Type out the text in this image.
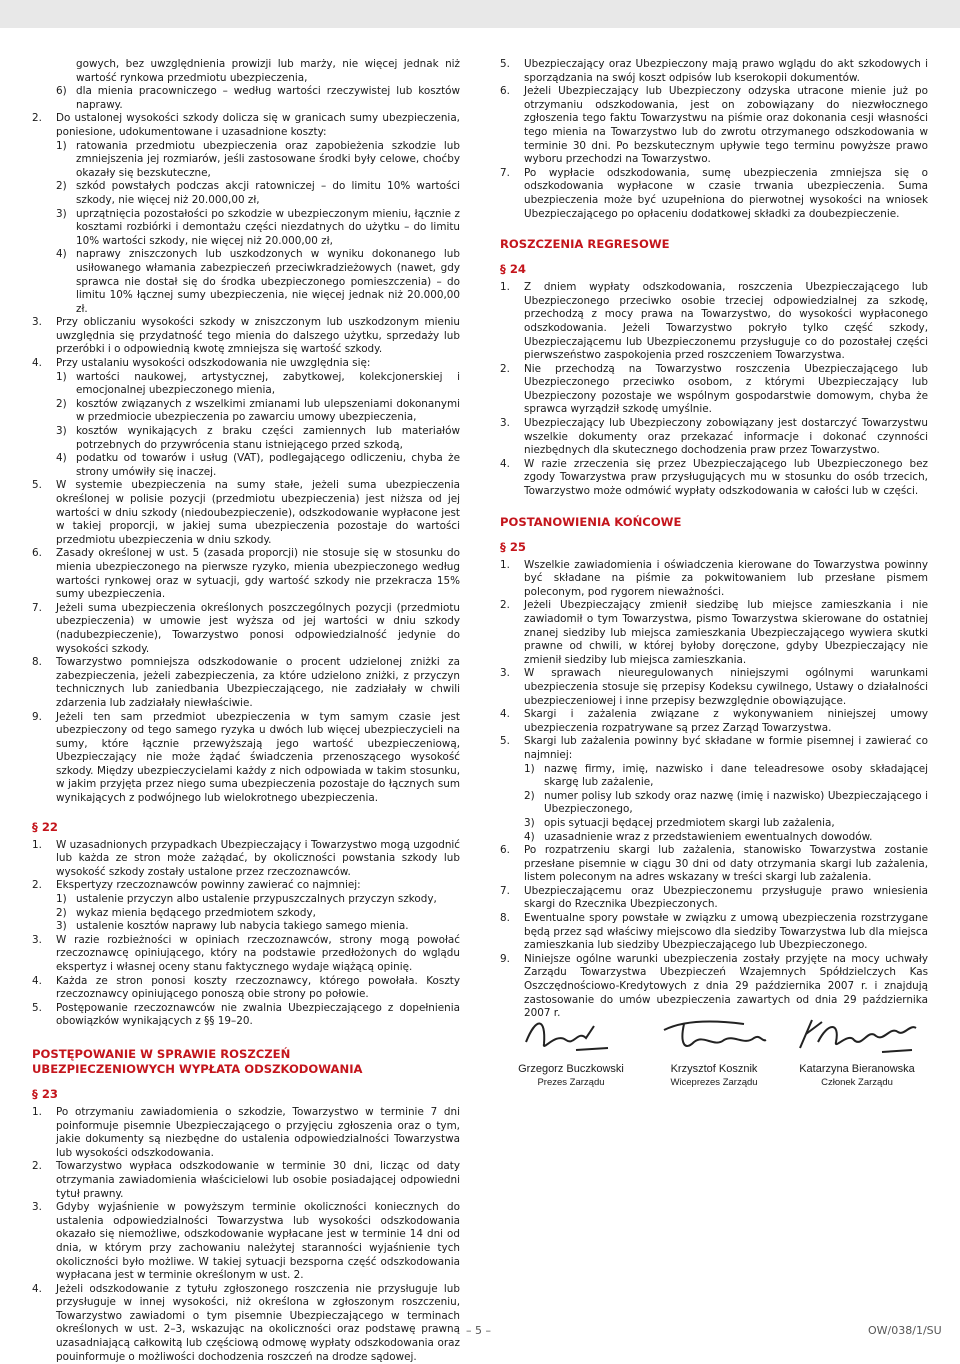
gowych, bez uwzględnienia prowizji lub marży, nie więcej jednak niż wartość rynkowa przedmiotu ubezpieczenia,
6) dla mienia pracowniczego – według wartości rzeczywistej lub kosztów naprawy.
2. Do ustalonej wysokości szkody dolicza się w granicach sumy ubezpieczenia, poniesione, udokumentowane i uzasadnione koszty:
1) ratowania przedmiotu ubezpieczenia oraz zapobieżenia szkodzie lub zmniejszenia jej rozmiarów, jeśli zastosowane środki były celowe, choćby okazały się bezskuteczne,
2) szkód powstałych podczas akcji ratowniczej – do limitu 10% wartości szkody, nie więcej niż 20.000,00 zł,
3) uprzątnięcia pozostałości po szkodzie w ubezpieczonym mieniu, łącznie z kosztami rozbiórki i demontażu części niezdatnych do użytku – do limitu 10% wartości szkody, nie więcej niż 20.000,00 zł,
4) naprawy zniszczonych lub uszkodzonych w wyniku dokonanego lub usiłowanego włamania zabezpieczeń przeciwkradzieżowych (nawet, gdy sprawca nie dostał się do środka ubezpieczonego pomieszczenia) – do limitu 10% łącznej sumy ubezpieczenia, nie więcej jednak niż 20.000,00 zł.
3. Przy obliczaniu wysokości szkody w zniszczonym lub uszkodzonym mieniu uwzględnia się przydatność tego mienia do dalszego użytku, sprzedaży lub przeróbki i o odpowiednią kwotę zmniejsza się wartość szkody.
4. Przy ustalaniu wysokości odszkodowania nie uwzględnia się:
1) wartości naukowej, artystycznej, zabytkowej, kolekcjonerskiej i emocjonalnej ubezpieczonego mienia,
2) kosztów związanych z wszelkimi zmianami lub ulepszeniami dokonanymi w przedmiocie ubezpieczenia po zawarciu umowy ubezpieczenia,
3) kosztów wynikających z braku części zamiennych lub materiałów potrzebnych do przywrócenia stanu istniejącego przed szkodą,
4) podatku od towarów i usług (VAT), podlegającego odliczeniu, chyba że strony umówiły się inaczej.
5. W systemie ubezpieczenia na sumy stałe, jeżeli suma ubezpieczenia określonej w polisie pozycji (przedmiotu ubezpieczenia) jest niższa od jej wartości w dniu szkody (niedoubezpieczenie), odszkodowanie wypłacone jest w takiej proporcji, w jakiej suma ubezpieczenia pozostaje do wartości przedmiotu ubezpieczenia w dniu szkody.
6. Zasady określonej w ust. 5 (zasada proporcji) nie stosuje się w stosunku do mienia ubezpieczonego na pierwsze ryzyko, mienia ubezpieczonego według wartości rynkowej oraz w sytuacji, gdy wartość szkody nie przekracza 15% sumy ubezpieczenia.
7. Jeżeli suma ubezpieczenia określonych poszczególnych pozycji (przedmiotu ubezpieczenia) w umowie jest wyższa od jej wartości w dniu szkody (nadubezpieczenie), Towarzystwo ponosi odpowiedzialność jedynie do wysokości szkody.
8. Towarzystwo pomniejsza odszkodowanie o procent udzielonej zniżki za zabezpieczenia, jeżeli zabezpieczenia, za które udzielono zniżki, z przyczyn technicznych lub zaniedbania Ubezpieczającego, nie zadziałały w chwili zdarzenia lub zadziałały niewłaściwie.
9. Jeżeli ten sam przedmiot ubezpieczenia w tym samym czasie jest ubezpieczony od tego samego ryzyka u dwóch lub więcej ubezpieczycieli na sumy, które łącznie przewyższają jego wartość ubezpieczeniową, Ubezpieczający nie może żądać świadczenia przenoszącego wysokość szkody. Między ubezpieczycielami każdy z nich odpowiada w takim stosunku, w jakim przyjęta przez niego suma ubezpieczenia pozostaje do łącznych sum wynikających z podwójnego lub wielokrotnego ubezpieczenia.
§ 22
1. W uzasadnionych przypadkach Ubezpieczający i Towarzystwo mogą uzgodnić lub każda ze stron może zażądać, by okoliczności powstania szkody lub wysokość szkody zostały ustalone przez rzeczoznawców.
2. Ekspertyzy rzeczoznawców powinny zawierać co najmniej:
1) ustalenie przyczyn albo ustalenie przypuszczalnych przyczyn szkody,
2) wykaz mienia będącego przedmiotem szkody,
3) ustalenie kosztów naprawy lub nabycia takiego samego mienia.
3. W razie rozbieżności w opiniach rzeczoznawców, strony mogą powołać rzeczoznawcę opiniującego, który na podstawie przedłożonych do wglądu ekspertyz i własnej oceny stanu faktycznego wydaje wiążącą opinię.
4. Każda ze stron ponosi koszty rzeczoznawcy, którego powołała. Koszty rzeczoznawcy opiniującego ponoszą obie strony po połowie.
5. Postępowanie rzeczoznawców nie zwalnia Ubezpieczającego z dopełnienia obowiązków wynikających z §§ 19–20.
POSTĘPOWANIE W SPRAWIE ROSZCZEŃ UBEZPIECZENIOWYCH WYPŁATA ODSZKODOWANIA
§ 23
1. Po otrzymaniu zawiadomienia o szkodzie, Towarzystwo w terminie 7 dni poinformuje pisemnie Ubezpieczającego o przyjęciu zgłoszenia oraz o tym, jakie dokumenty są niezbędne do ustalenia odpowiedzialności Towarzystwa lub wysokości odszkodowania.
2. Towarzystwo wypłaca odszkodowanie w terminie 30 dni, licząc od daty otrzymania zawiadomienia właścicielowi lub osobie posiadającej odpowiedni tytuł prawny.
3. Gdyby wyjaśnienie w powyższym terminie okoliczności koniecznych do ustalenia odpowiedzialności Towarzystwa lub wysokości odszkodowania okazało się niemożliwe, odszkodowanie wypłacane jest w terminie 14 dni od dnia, w którym przy zachowaniu należytej staranności wyjaśnienie tych okoliczności było możliwe. W takiej sytuacji bezsporna część odszkodowania wypłacana jest w terminie określonym w ust. 2.
4. Jeżeli odszkodowanie z tytułu zgłoszonego roszczenia nie przysługuje lub przysługuje w innej wysokości, niż określona w zgłoszonym roszczeniu, Towarzystwo zawiadomi o tym pisemnie Ubezpieczającego w terminach określonych w ust. 2–3, wskazując na okoliczności oraz podstawę prawną uzasadniającą całkowitą lub częściową odmowę wypłaty odszkodowania oraz pouinformuje o możliwości dochodzenia roszczeń na drodze sądowej.
5. Ubezpieczający oraz Ubezpieczony mają prawo wglądu do akt szkodowych i sporządzania na swój koszt odpisów lub kserokopii dokumentów.
6. Jeżeli Ubezpieczający lub Ubezpieczony odzyska utracone mienie już po otrzymaniu odszkodowania, jest on zobowiązany do niezwłocznego zgłoszenia tego faktu Towarzystwu na piśmie oraz dokonania cesji własności tego mienia na Towarzystwo lub do zwrotu otrzymanego odszkodowania w terminie 30 dni. Po bezskutecznym upływie tego terminu powyższe prawo wyboru przechodzi na Towarzystwo.
7. Po wypłacie odszkodowania, sumę ubezpieczenia zmniejsza się o odszkodowania wypłacone w czasie trwania ubezpieczenia. Suma ubezpieczenia może być uzupełniona do pierwotnej wysokości na wniosek Ubezpieczającego po opłaceniu dodatkowej składki za doubezpieczenie.
ROSZCZENIA REGRESOWE
§ 24
1. Z dniem wypłaty odszkodowania, roszczenia Ubezpieczającego lub Ubezpieczonego przeciwko osobie trzeciej odpowiedzialnej za szkodę, przechodzą z mocy prawa na Towarzystwo, do wysokości wypłaconego odszkodowania. Jeżeli Towarzystwo pokryło tylko część szkody, Ubezpieczającemu lub Ubezpieczonemu przysługuje co do pozostałej części pierwszeństwo zaspokojenia przed roszczeniem Towarzystwa.
2. Nie przechodzą na Towarzystwo roszczenia Ubezpieczającego lub Ubezpieczonego przeciwko osobom, z którymi Ubezpieczający lub Ubezpieczony pozostaje we wspólnym gospodarstwie domowym, chyba że sprawca wyrządził szkodę umyślnie.
3. Ubezpieczający lub Ubezpieczony zobowiązany jest dostarczyć Towarzystwu wszelkie dokumenty oraz przekazać informacje i dokonać czynności niezbędnych dla skutecznego dochodzenia praw przez Towarzystwo.
4. W razie zrzeczenia się przez Ubezpieczającego lub Ubezpieczonego bez zgody Towarzystwa praw przysługujących mu w stosunku do osób trzecich, Towarzystwo może odmówić wypłaty odszkodowania w całości lub w części.
POSTANOWIENIA KOŃCOWE
§ 25
1. Wszelkie zawiadomienia i oświadczenia kierowane do Towarzystwa powinny być składane na piśmie za pokwitowaniem lub przesłane pismem poleconym, pod rygorem nieważności.
2. Jeżeli Ubezpieczający zmienił siedzibę lub miejsce zamieszkania i nie zawiadomił o tym Towarzystwa, pismo Towarzystwa skierowane do ostatniej znanej siedziby lub miejsca zamieszkania Ubezpieczającego wywiera skutki prawne od chwili, w której byłoby doręczone, gdyby Ubezpieczający nie zmienił siedziby lub miejsca zamieszkania.
3. W sprawach nieuregulowanych niniejszymi ogólnymi warunkami ubezpieczenia stosuje się przepisy Kodeksu cywilnego, Ustawy o działalności ubezpieczeniowej i inne przepisy bezwzględnie obowiązujące.
4. Skargi i zażalenia związane z wykonywaniem niniejszej umowy ubezpieczenia rozpatrywane są przez Zarząd Towarzystwa.
5. Skargi lub zażalenia powinny być składane w formie pisemnej i zawierać co najmniej:
1) nazwę firmy, imię, nazwisko i dane teleadresowe osoby składającej skargę lub zażalenie,
2) numer polisy lub szkody oraz nazwę (imię i nazwisko) Ubezpieczającego i Ubezpieczonego,
3) opis sytuacji będącej przedmiotem skargi lub zażalenia,
4) uzasadnienie wraz z przedstawieniem ewentualnych dowodów.
6. Po rozpatrzeniu skargi lub zażalenia, stanowisko Towarzystwa zostanie przesłane pisemnie w ciągu 30 dni od daty otrzymania skargi lub zażalenia, listem poleconym na adres wskazany w treści skargi lub zażalenia.
7. Ubezpieczającemu oraz Ubezpieczonemu przysługuje prawo wniesienia skargi do Rzecznika Ubezpieczonych.
8. Ewentualne spory powstałe w związku z umową ubezpieczenia rozstrzygane będą przez sąd właściwy miejscowo dla siedziby Towarzystwa lub dla miejsca zamieszkania lub siedziby Ubezpieczającego lub Ubezpieczonego.
9. Niniejsze ogólne warunki ubezpieczenia zostały przyjęte na mocy uchwały Zarządu Towarzystwa Ubezpieczeń Wzajemnych Spółdzielczych Kas Oszczędnościowo-Kredytowych z dnia 29 października 2007 r. i znajdują zastosowanie do umów ubezpieczenia zawartych od dnia 29 października 2007 r.
Grzegorz Buczkowski
Prezes Zarządu
Krzysztof Kosznik
Wiceprezes Zarządu
Katarzyna Bieranowska
Członek Zarządu
– 5 –	OW/038/1/SU
